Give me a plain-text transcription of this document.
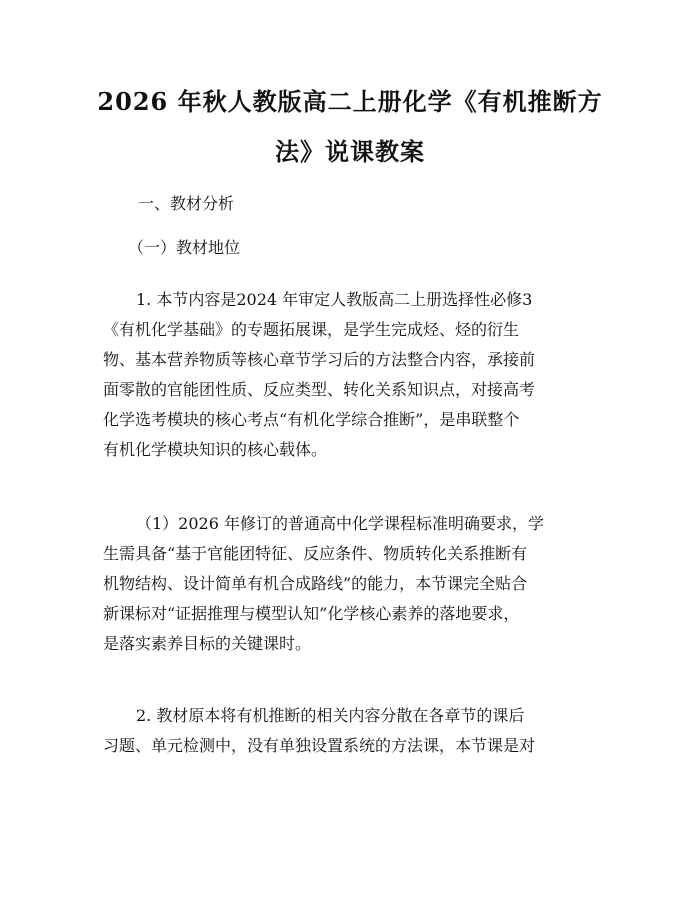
2026 年秋人教版高二上册化学《有机推断方
法》说课教案

一、教材分析

（一）教材地位

1. 本节内容是2024 年审定人教版高二上册选择性必修3
《有机化学基础》的专题拓展课，是学生完成烃、烃的衍生
物、基本营养物质等核心章节学习后的方法整合内容，承接前
面零散的官能团性质、反应类型、转化关系知识点，对接高考
化学选考模块的核心考点“有机化学综合推断”，是串联整个
有机化学模块知识的核心载体。
（1）2026 年修订的普通高中化学课程标准明确要求，学
生需具备“基于官能团特征、反应条件、物质转化关系推断有
机物结构、设计简单有机合成路线”的能力，本节课完全贴合
新课标对“证据推理与模型认知”化学核心素养的落地要求，
是落实素养目标的关键课时。
2. 教材原本将有机推断的相关内容分散在各章节的课后
习题、单元检测中，没有单独设置系统的方法课，本节课是对
